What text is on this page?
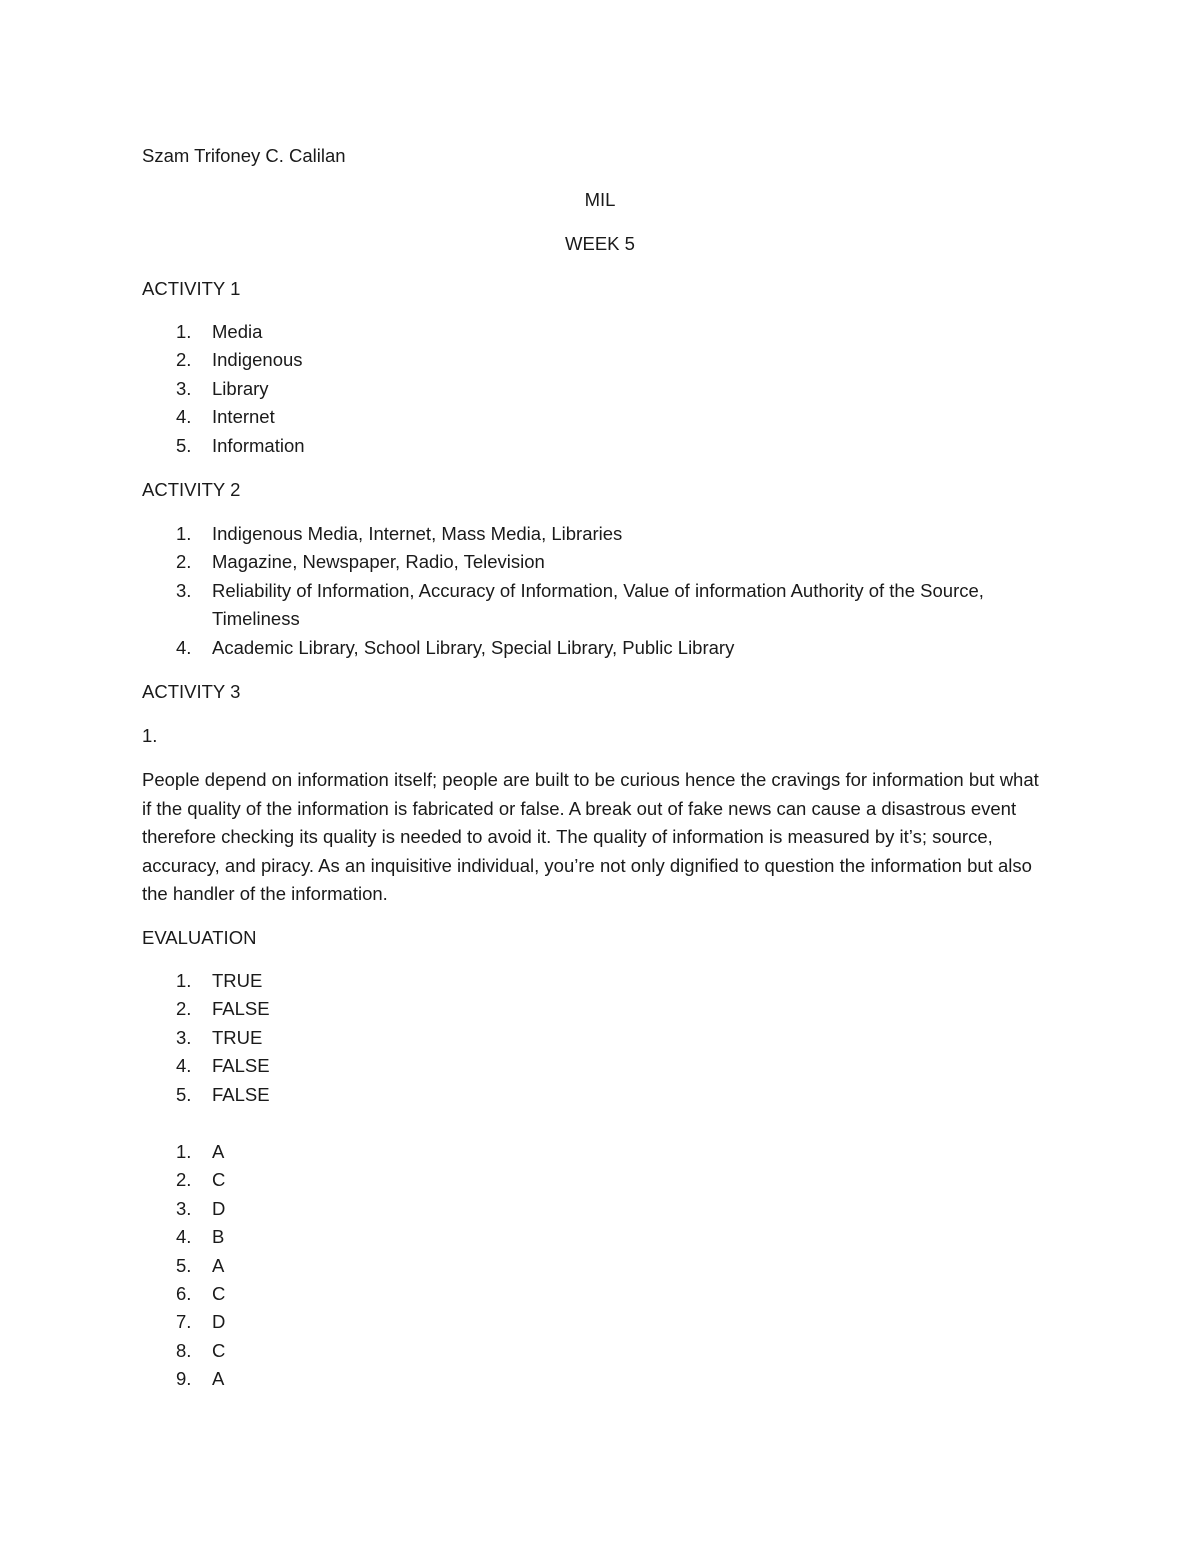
Szam Trifoney C. Calilan
MIL
WEEK 5
ACTIVITY 1
1.	Media
2.	Indigenous
3.	Library
4.	Internet
5.	Information
ACTIVITY 2
1.	Indigenous Media, Internet, Mass Media, Libraries
2.	Magazine, Newspaper, Radio, Television
3.	Reliability of Information, Accuracy of Information, Value of information Authority of the Source, Timeliness
4.	Academic Library, School Library, Special Library, Public Library
ACTIVITY 3
1.
People depend on information itself; people are built to be curious hence the cravings for information but what if the quality of the information is fabricated or false. A break out of fake news can cause a disastrous event therefore checking its quality is needed to avoid it. The quality of information is measured by it’s; source, accuracy, and piracy. As an inquisitive individual, you’re not only dignified to question the information but also the handler of the information.
EVALUATION
1.	TRUE
2.	FALSE
3.	TRUE
4.	FALSE
5.	FALSE
1.	A
2.	C
3.	D
4.	B
5.	A
6.	C
7.	D
8.	C
9.	A
